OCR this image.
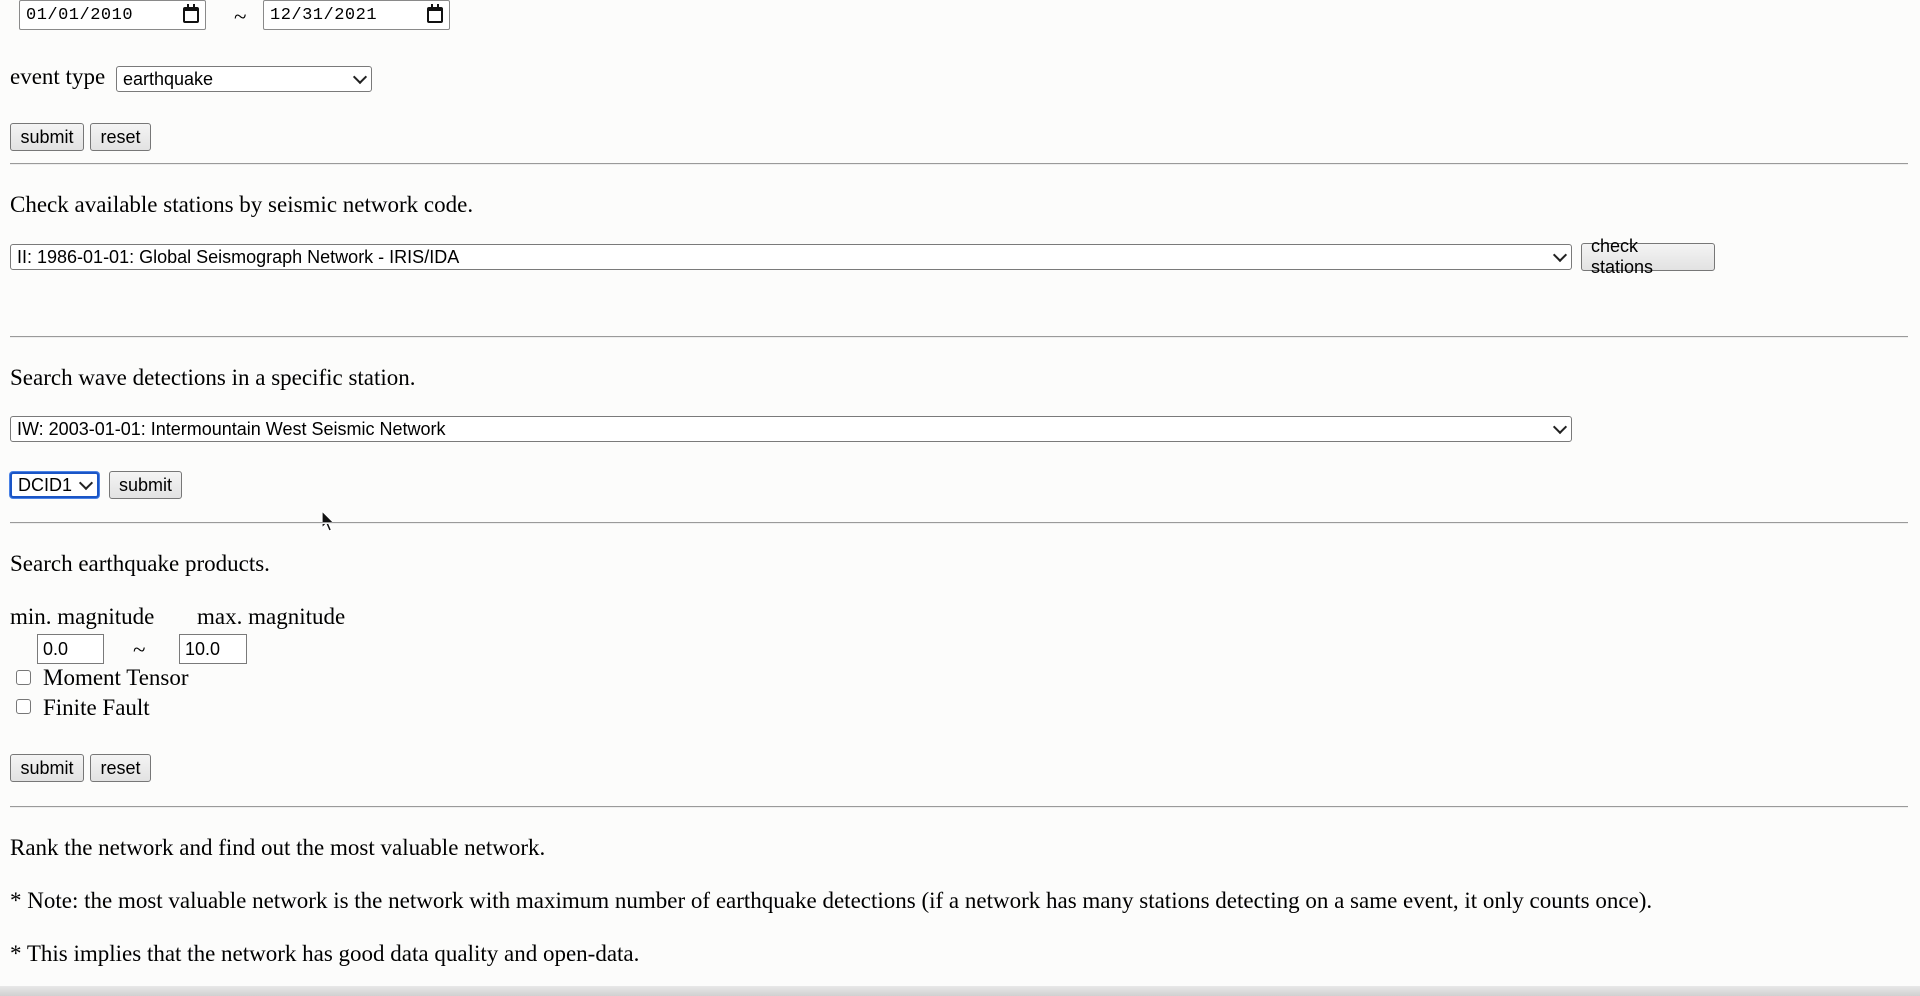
01/01/2010	~ 12/31/2021
event type earthquake
submit reset
Check available stations by seismic network code.
II: 1986-01-01: Global Seismograph Network - IRIS/IDA
check stations
Search wave detections in a specific station.
IW: 2003-01-01: Intermountain West Seismic Network
DCID1	submit
Search earthquake products.
min. magnitude max. magnitude
0.0	~ 10.0
Moment Tensor
Finite Fault
submit reset
Rank the network and find out the most valuable network.
* Note: the most valuable network is the network with maximum number of earthquake detections (if a network has many stations detecting on a same event, it only counts once).
* This implies that the network has good data quality and open-data.
